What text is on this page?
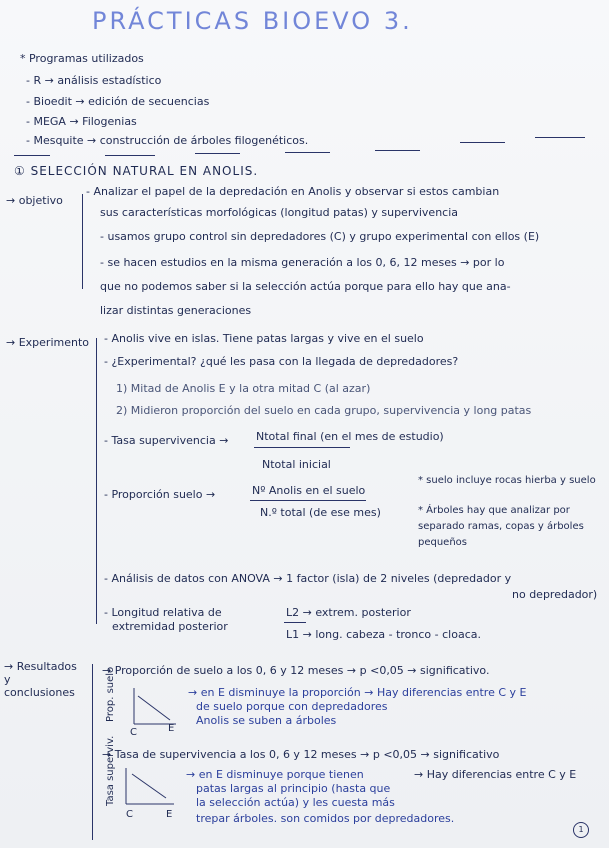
PRÁCTICAS BIOEVO 3.
* Programas utilizados
- R → análisis estadístico
- Bioedit → edición de secuencias
- MEGA → Filogenias
- Mesquite → construcción de árboles filogenéticos.
① SELECCIÓN NATURAL EN ANOLIS.
→ objetivo
- Analizar el papel de la depredación en Anolis y observar si estos cambian
sus características morfológicas (longitud patas) y supervivencia
- usamos grupo control sin depredadores (C) y grupo experimental con ellos (E)
- se hacen estudios en la misma generación a los 0, 6, 12 meses → por lo
que no podemos saber si la selección actúa porque para ello hay que ana-
lizar distintas generaciones
→ Experimento - Anolis vive en islas. Tiene patas largas y vive en el suelo
- ¿Experimental? ¿qué les pasa con la llegada de depredadores?
1) Mitad de Anolis E y la otra mitad C (al azar)
2) Midieron proporción del suelo en cada grupo, supervivencia y long patas
- Tasa supervivencia →	Ntotal final (en el mes de estudio)
Ntotal inicial
- Proporción suelo →	Nº Anolis en el suelo
N.º total (de ese mes)
* suelo incluye rocas hierba y suelo
* Árboles hay que analizar por separado ramas, copas y árboles pequeños
- Análisis de datos con ANOVA → 1 factor (isla) de 2 niveles (depredador y
no depredador)
- Longitud relativa de
extremidad posterior
L2 → extrem. posterior
L1 → long. cabeza - tronco - cloaca.
→ Resultados y conclusiones
→ Proporción de suelo a los 0, 6 y 12 meses → p <0,05 → significativo.
→ en E disminuye la proporción → Hay diferencias entre C y E
de suelo porque con depredadores
Anolis se suben a árboles
Prop. suelo
C	E
→ Tasa de supervivencia a los 0, 6 y 12 meses → p <0,05 → significativo
→ en E disminuye porque tienen	→ Hay diferencias entre C y E
patas largas al principio (hasta que
la selección actúa) y les cuesta más
trepar árboles. son comidos por depredadores.
Tasa superviv.
C	E
1
